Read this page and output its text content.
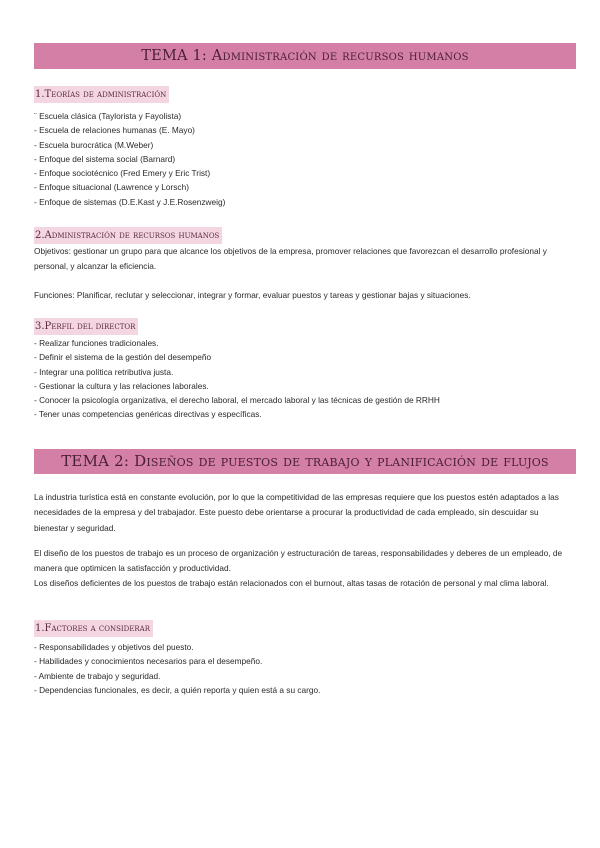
TEMA 1: Administración de recursos humanos
1.Teorías de administración
¨ Escuela clásica (Taylorista y Fayolista)
- Escuela de relaciones humanas (E. Mayo)
- Escuela burocrática (M.Weber)
- Enfoque del sistema social (Barnard)
- Enfoque sociotécnico (Fred Emery y Eric Trist)
- Enfoque situacional (Lawrence y Lorsch)
- Enfoque de sistemas (D.E.Kast y J.E.Rosenzweig)
2.Administración de recursos humanos
Objetivos: gestionar un grupo para que alcance los objetivos de la empresa, promover relaciones que favorezcan el desarrollo profesional y personal, y alcanzar la eficiencia.
Funciones: Planificar, reclutar y seleccionar, integrar y formar, evaluar puestos y tareas y gestionar bajas y situaciones.
3.Perfil del director
- Realizar funciones tradicionales.
- Definir el sistema de la gestión del desempeño
- Integrar una política retributiva justa.
- Gestionar la cultura y las relaciones laborales.
- Conocer la psicología organizativa, el derecho laboral, el mercado laboral y las técnicas de gestión de RRHH
- Tener unas competencias genéricas directivas y específicas.
TEMA 2: Diseños de puestos de trabajo y planificación de flujos
La industria turística está en constante evolución, por lo que la competitividad de las empresas requiere que los puestos estén adaptados a las necesidades de la empresa y del trabajador. Este puesto debe orientarse a procurar la productividad de cada empleado, sin descuidar su bienestar y seguridad.
El diseño de los puestos de trabajo es un proceso de organización y estructuración de tareas, responsabilidades y deberes de un empleado, de manera que optimicen la satisfacción y productividad.
Los diseños deficientes de los puestos de trabajo están relacionados con el burnout, altas tasas de rotación de personal y mal clima laboral.
1.Factores a considerar
- Responsabilidades y objetivos del puesto.
- Habilidades y conocimientos necesarios para el desempeño.
- Ambiente de trabajo y seguridad.
- Dependencias funcionales, es decir, a quién reporta y quien está a su cargo.
